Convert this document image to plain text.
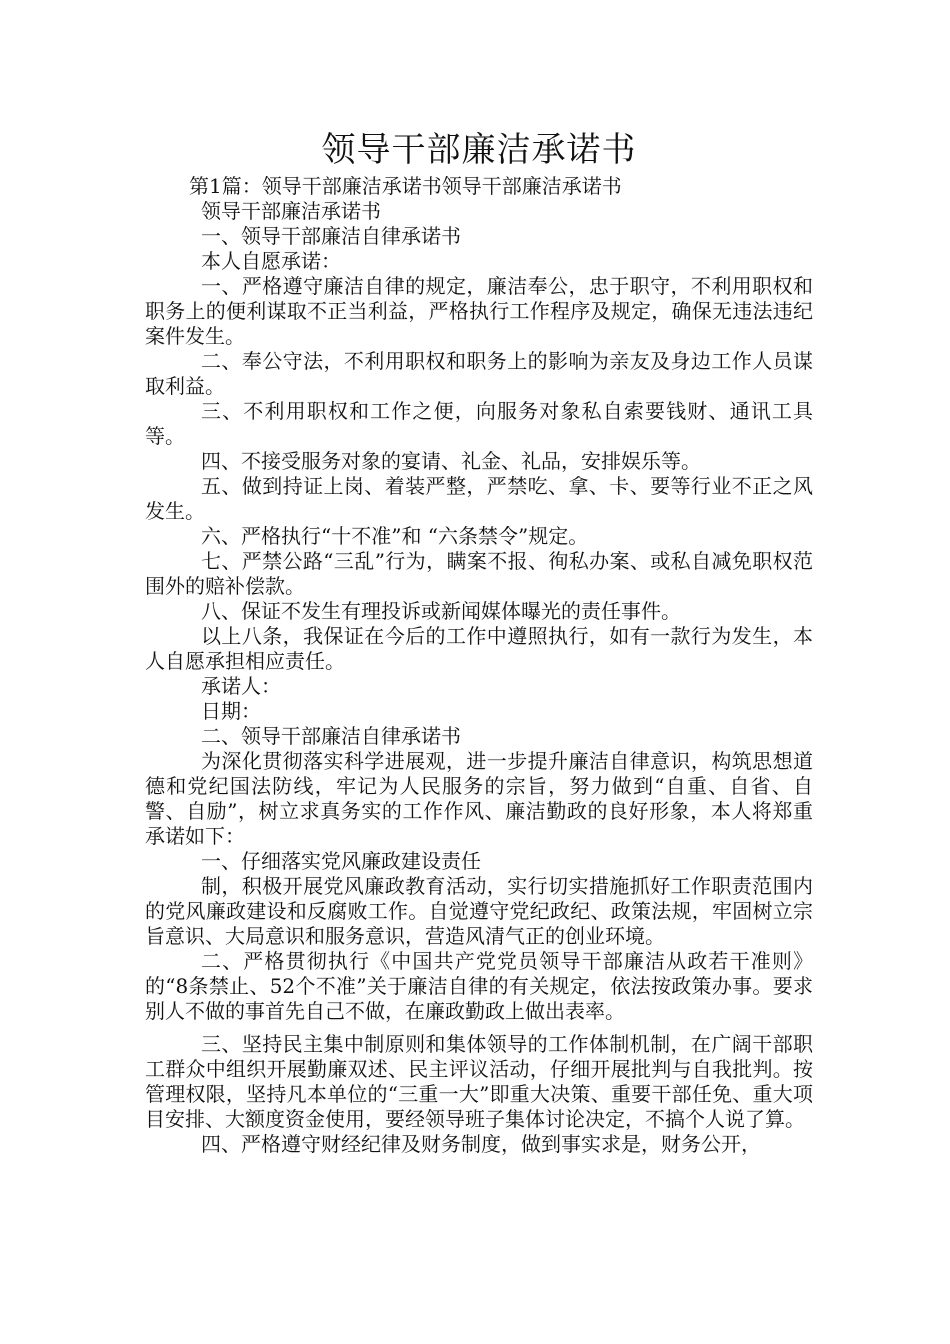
领导干部廉洁承诺书
第1篇：领导干部廉洁承诺书领导干部廉洁承诺书

领导干部廉洁承诺书

一、领导干部廉洁自律承诺书

本人自愿承诺：

一、严格遵守廉洁自律的规定，廉洁奉公，忠于职守，不利用职权和职务上的便利谋取不正当利益，严格执行工作程序及规定，确保无违法违纪案件发生。

二、奉公守法，不利用职权和职务上的影响为亲友及身边工作人员谋取利益。

三、不利用职权和工作之便，向服务对象私自索要钱财、通讯工具等。

四、不接受服务对象的宴请、礼金、礼品，安排娱乐等。

五、做到持证上岗、着装严整，严禁吃、拿、卡、要等行业不正之风发生。

六、严格执行“十不准”和 “六条禁令”规定。

七、严禁公路“三乱”行为，瞒案不报、徇私办案、或私自减免职权范围外的赔补偿款。

八、保证不发生有理投诉或新闻媒体曝光的责任事件。

以上八条，我保证在今后的工作中遵照执行，如有一款行为发生，本人自愿承担相应责任。

承诺人：

日期：

二、领导干部廉洁自律承诺书

为深化贯彻落实科学进展观，进一步提升廉洁自律意识，构筑思想道德和党纪国法防线，牢记为人民服务的宗旨，努力做到“自重、自省、自警、自励”，树立求真务实的工作作风、廉洁勤政的良好形象，本人将郑重承诺如下：

一、仔细落实党风廉政建设责任

制，积极开展党风廉政教育活动，实行切实措施抓好工作职责范围内的党风廉政建设和反腐败工作。自觉遵守党纪政纪、政策法规，牢固树立宗旨意识、大局意识和服务意识，营造风清气正的创业环境。

二、严格贯彻执行《中国共产党党员领导干部廉洁从政若干准则》的“8条禁止、52个不准”关于廉洁自律的有关规定，依法按政策办事。要求别人不做的事首先自己不做，在廉政勤政上做出表率。

三、坚持民主集中制原则和集体领导的工作体制机制，在广阔干部职工群众中组织开展勤廉双述、民主评议活动，仔细开展批判与自我批判。按管理权限，坚持凡本单位的“三重一大”即重大决策、重要干部任免、重大项目安排、大额度资金使用，要经领导班子集体讨论决定，不搞个人说了算。

四、严格遵守财经纪律及财务制度，做到事实求是，财务公开，
